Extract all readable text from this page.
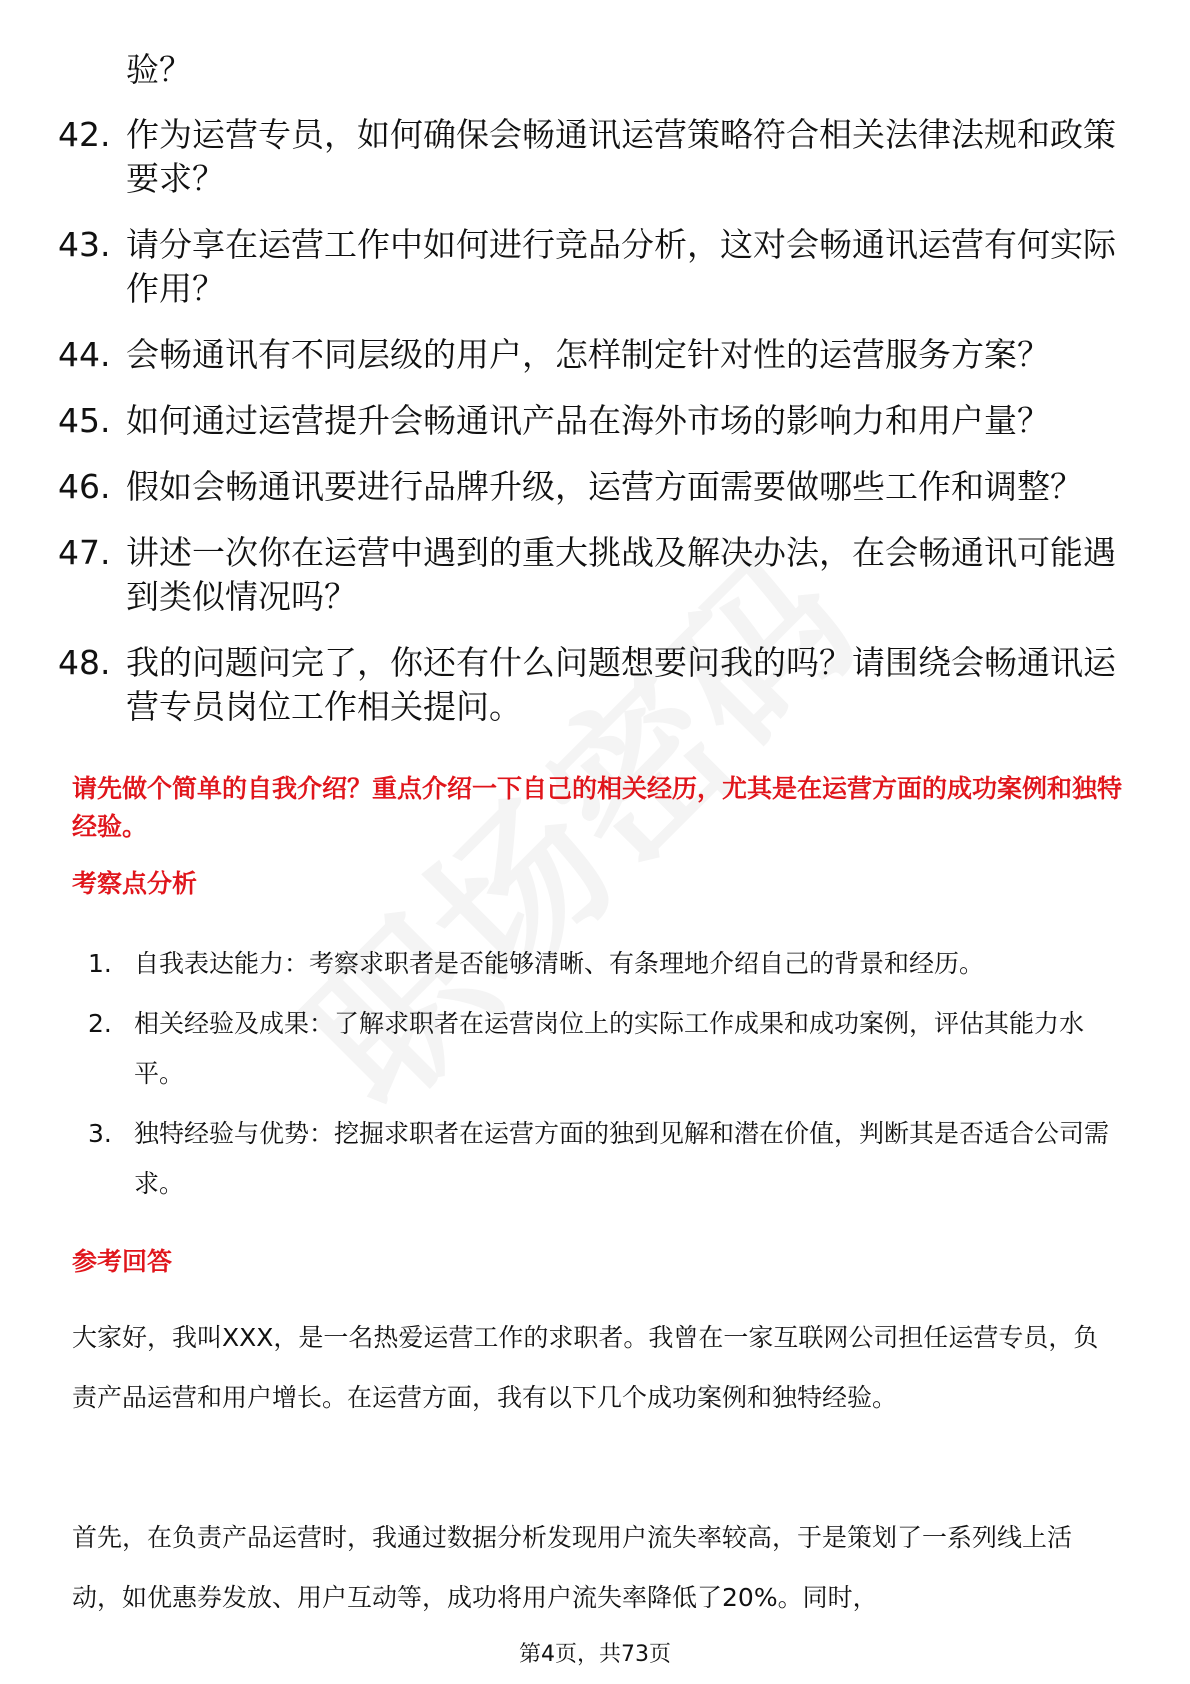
验？
42. 作为运营专员，如何确保会畅通讯运营策略符合相关法律法规和政策要求？
43. 请分享在运营工作中如何进行竞品分析，这对会畅通讯运营有何实际作用？
44. 会畅通讯有不同层级的用户，怎样制定针对性的运营服务方案？
45. 如何通过运营提升会畅通讯产品在海外市场的影响力和用户量？
46. 假如会畅通讯要进行品牌升级，运营方面需要做哪些工作和调整？
47. 讲述一次你在运营中遇到的重大挑战及解决办法，在会畅通讯可能遇到类似情况吗？
48. 我的问题问完了，你还有什么问题想要问我的吗？请围绕会畅通讯运营专员岗位工作相关提问。
请先做个简单的自我介绍？重点介绍一下自己的相关经历，尤其是在运营方面的成功案例和独特经验。
考察点分析
1. 自我表达能力：考察求职者是否能够清晰、有条理地介绍自己的背景和经历。
2. 相关经验及成果：了解求职者在运营岗位上的实际工作成果和成功案例，评估其能力水平。
3. 独特经验与优势：挖掘求职者在运营方面的独到见解和潜在价值，判断其是否适合公司需求。
参考回答

大家好，我叫XXX，是一名热爱运营工作的求职者。我曾在一家互联网公司担任运营专员，负责产品运营和用户增长。在运营方面，我有以下几个成功案例和独特经验。

首先，在负责产品运营时，我通过数据分析发现用户流失率较高，于是策划了一系列线上活动，如优惠券发放、用户互动等，成功将用户流失率降低了20%。同时，

第4页，共73页
